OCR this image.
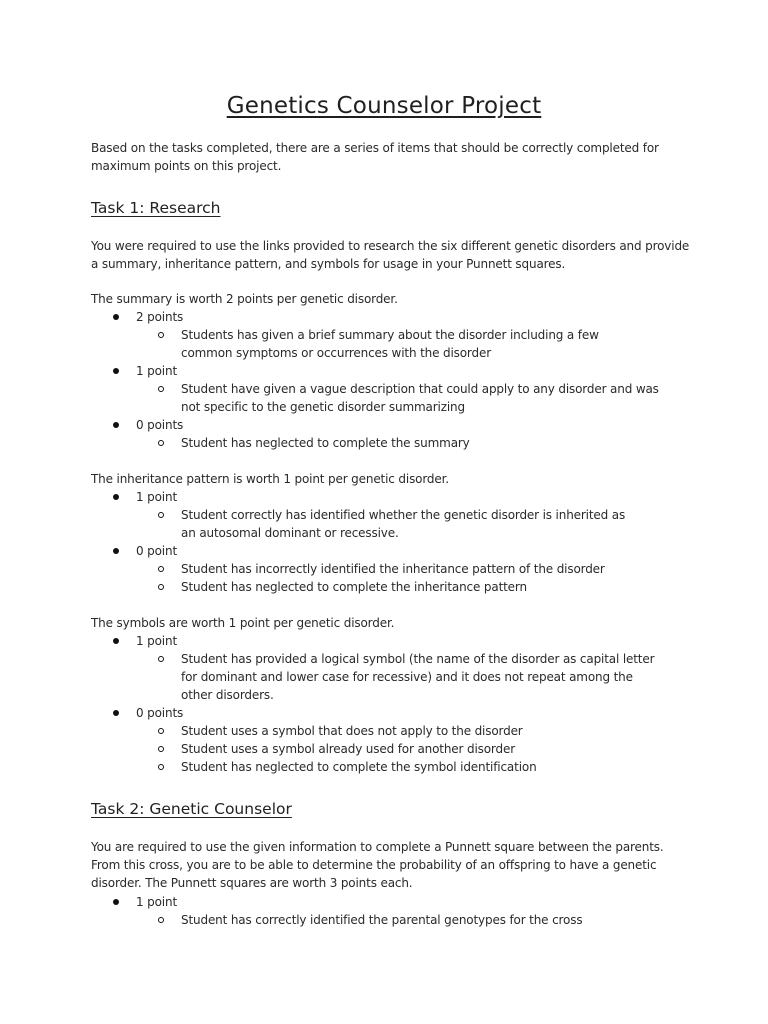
Genetics Counselor Project
Based on the tasks completed, there are a series of items that should be correctly completed for maximum points on this project.
Task 1: Research
You were required to use the links provided to research the six different genetic disorders and provide a summary, inheritance pattern, and symbols for usage in your Punnett squares.
The summary is worth 2 points per genetic disorder.
2 points
Students has given a brief summary about the disorder including a few common symptoms or occurrences with the disorder
1 point
Student have given a vague description that could apply to any disorder and was not specific to the genetic disorder summarizing
0 points
Student has neglected to complete the summary
The inheritance pattern is worth 1 point per genetic disorder.
1 point
Student correctly has identified whether the genetic disorder is inherited as an autosomal dominant or recessive.
0 point
Student has incorrectly identified the inheritance pattern of the disorder
Student has neglected to complete the inheritance pattern
The symbols are worth 1 point per genetic disorder.
1 point
Student has provided a logical symbol (the name of the disorder as capital letter for dominant and lower case for recessive) and it does not repeat among the other disorders.
0 points
Student uses a symbol that does not apply to the disorder
Student uses a symbol already used for another disorder
Student has neglected to complete the symbol identification
Task 2: Genetic Counselor
You are required to use the given information to complete a Punnett square between the parents. From this cross, you are to be able to determine the probability of an offspring to have a genetic disorder. The Punnett squares are worth 3 points each.
1 point
Student has correctly identified the parental genotypes for the cross
